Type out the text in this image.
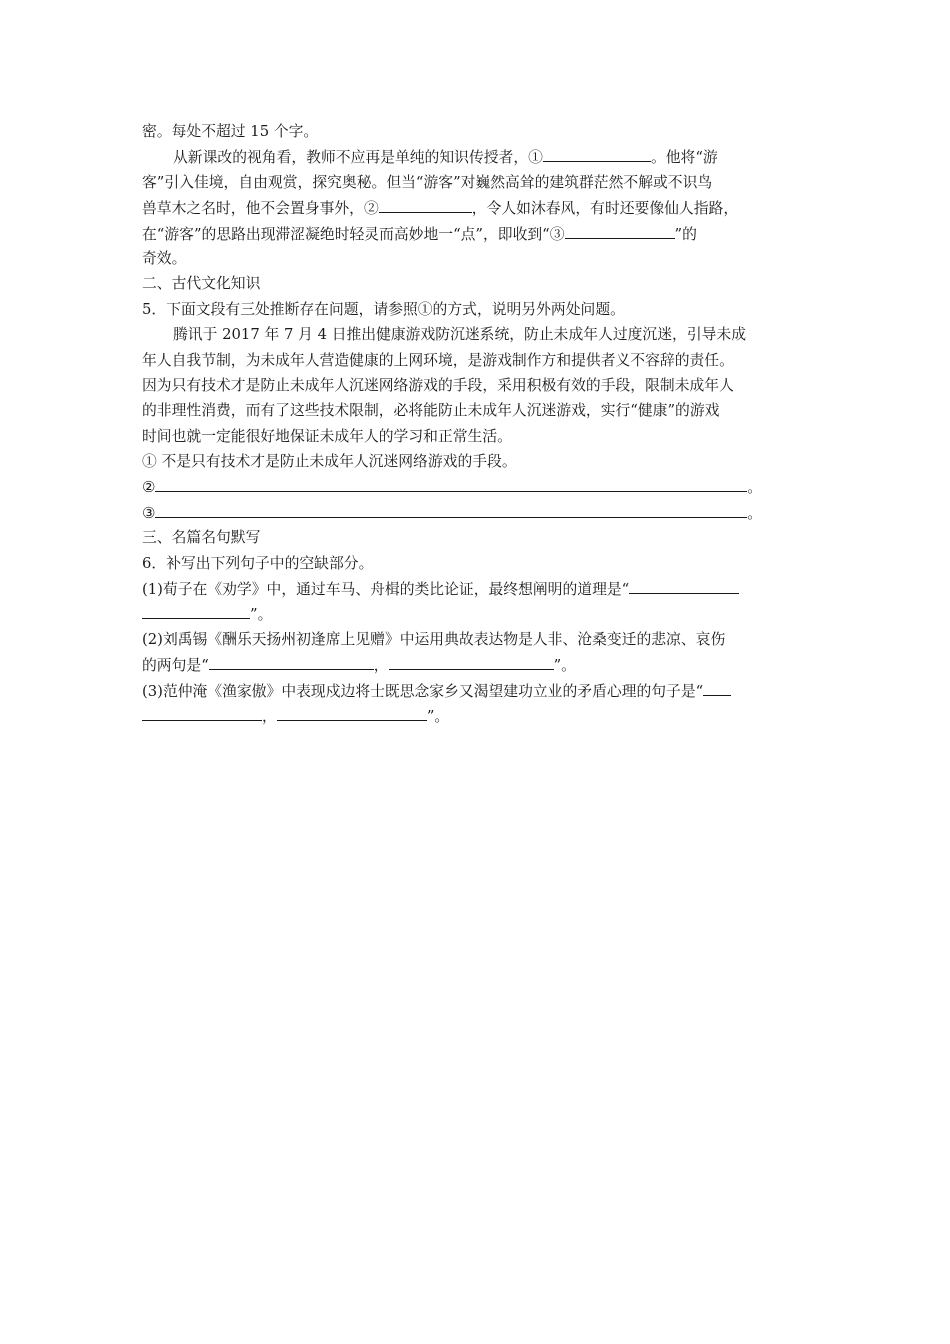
密。每处不超过 15 个字。
从新课改的视角看，教师不应再是单纯的知识传授者，①	。他将“游
客”引入佳境，自由观赏，探究奥秘。但当“游客”对巍然高耸的建筑群茫然不解或不识鸟
兽草木之名时，他不会置身事外，②	，令人如沐春风，有时还要像仙人指路，
在“游客”的思路出现滞涩凝绝时轻灵而高妙地一“点”，即收到“③	”的
奇效。
二、古代文化知识
5．下面文段有三处推断存在问题，请参照①的方式，说明另外两处问题。
腾讯于 2017 年 7 月 4 日推出健康游戏防沉迷系统，防止未成年人过度沉迷，引导未成
年人自我节制，为未成年人营造健康的上网环境，是游戏制作方和提供者义不容辞的责任。
因为只有技术才是防止未成年人沉迷网络游戏的手段，采用积极有效的手段，限制未成年人
的非理性消费，而有了这些技术限制，必将能防止未成年人沉迷游戏，实行“健康”的游戏
时间也就一定能很好地保证未成年人的学习和正常生活。
① 不是只有技术才是防止未成年人沉迷网络游戏的手段。
②	。
③	。
三、名篇名句默写
6．补写出下列句子中的空缺部分。
(1)荀子在《劝学》中，通过车马、舟楫的类比论证，最终想阐明的道理是“
”。
(2)刘禹锡《酬乐天扬州初逢席上见赠》中运用典故表达物是人非、沧桑变迁的悲凉、哀伤
的两句是“	，	”。
(3)范仲淹《渔家傲》中表现戍边将士既思念家乡又渴望建功立业的矛盾心理的句子是“
，	”。
